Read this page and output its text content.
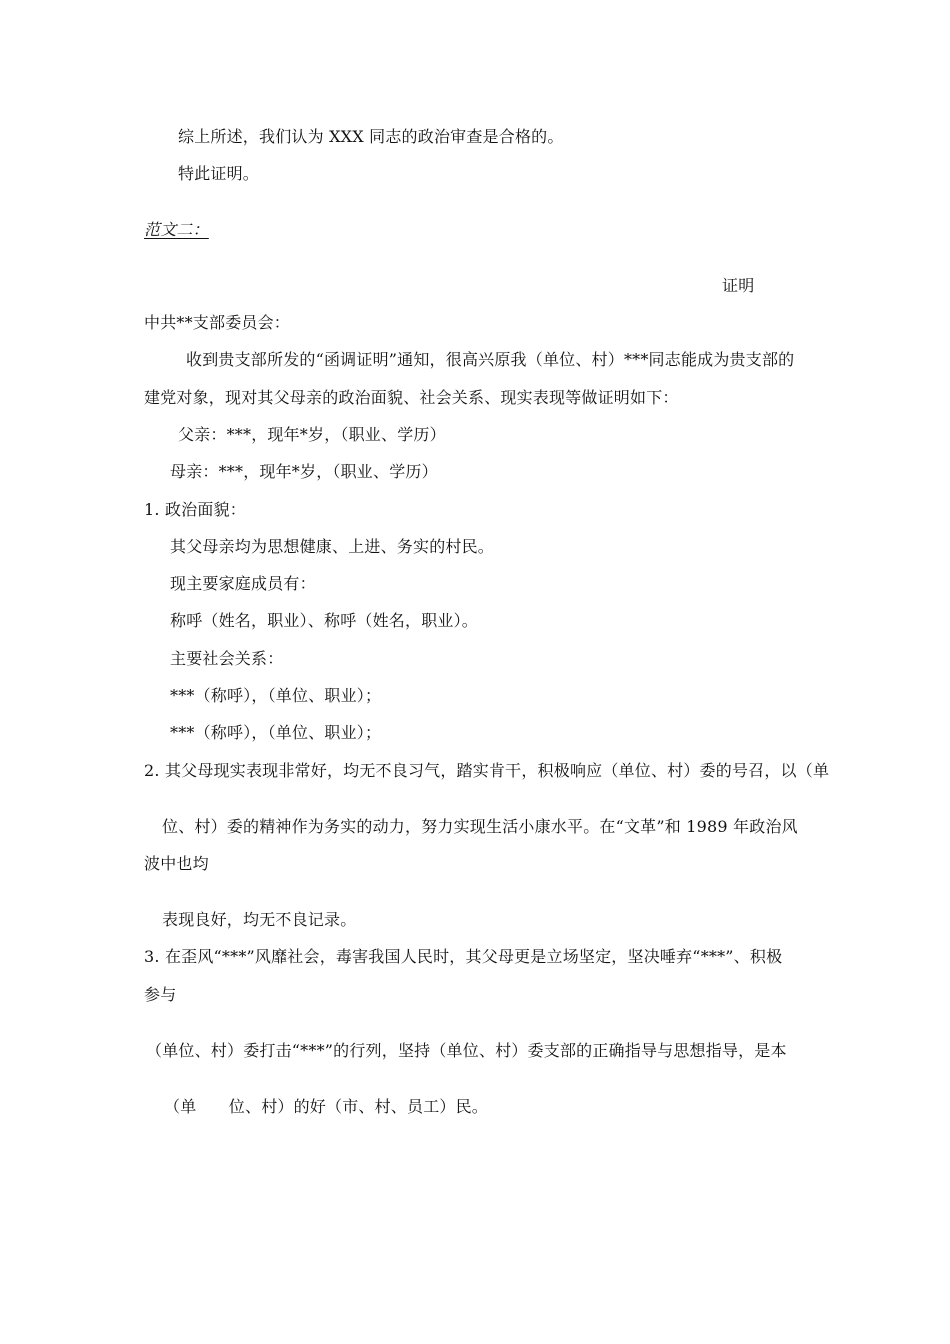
综上所述，我们认为 XXX 同志的政治审查是合格的。
特此证明。
范文二：
证明
中共**支部委员会：
收到贵支部所发的“函调证明”通知，很高兴原我（单位、村）***同志能成为贵支部的
建党对象，现对其父母亲的政治面貌、社会关系、现实表现等做证明如下：
父亲：***，现年*岁，（职业、学历）
母亲：***，现年*岁，（职业、学历）
1. 政治面貌：
其父母亲均为思想健康、上进、务实的村民。
现主要家庭成员有：
称呼（姓名，职业）、称呼（姓名，职业）。
主要社会关系：
***（称呼），（单位、职业）；
***（称呼），（单位、职业）；
2. 其父母现实表现非常好，均无不良习气，踏实肯干，积极响应（单位、村）委的号召，以（单
位、村）委的精神作为务实的动力，努力实现生活小康水平。在“文革”和 1989 年政治风
波中也均
表现良好，均无不良记录。
3. 在歪风“***”风靡社会，毒害我国人民时，其父母更是立场坚定，坚决唾弃“***”、积极
参与
（单位、村）委打击“***”的行列，坚持（单位、村）委支部的正确指导与思想指导，是本
（单　　位、村）的好（市、村、员工）民。
